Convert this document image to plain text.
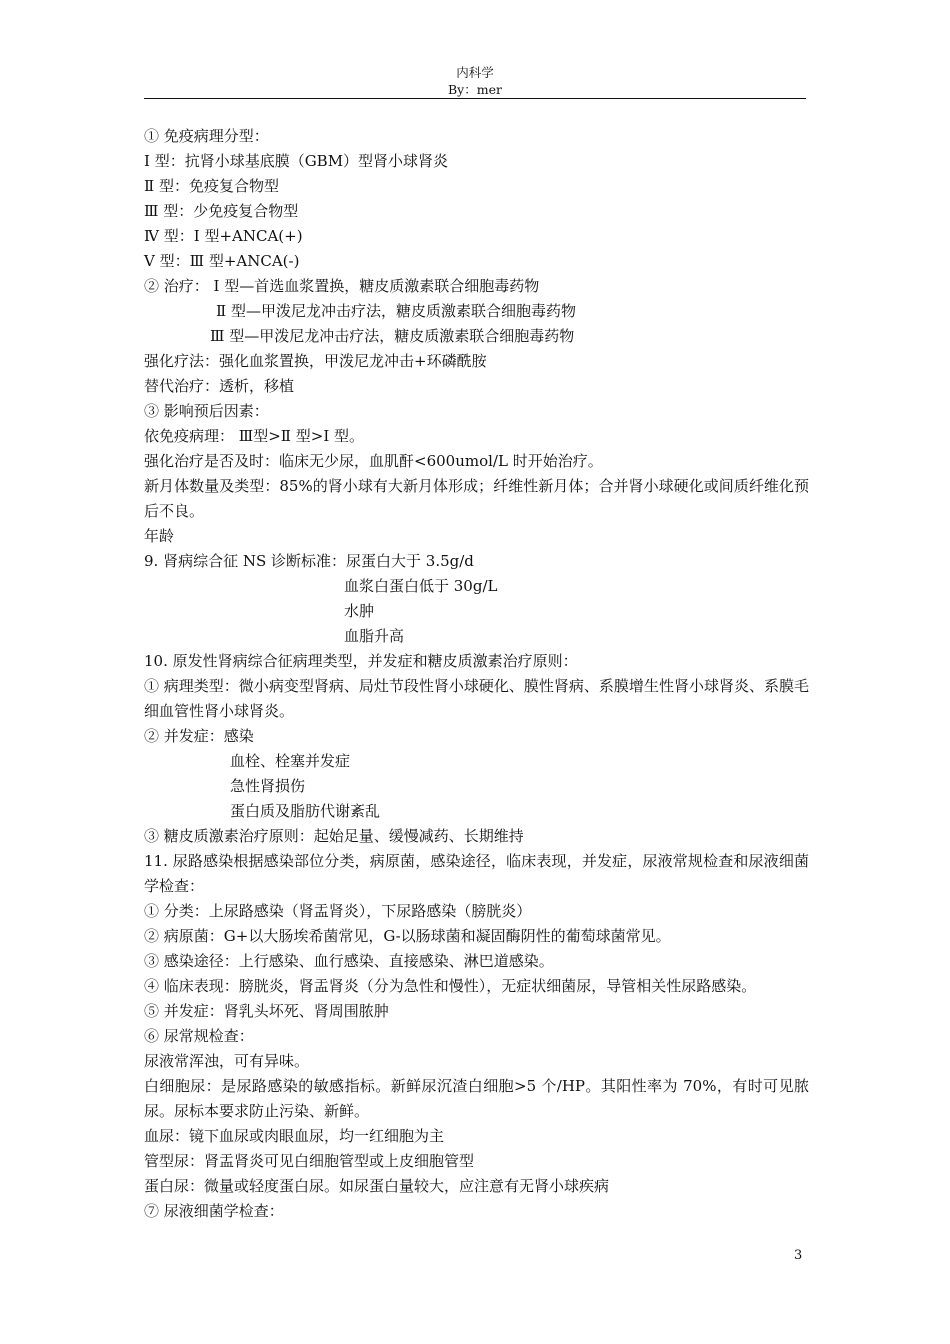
内科学
By：mer
① 免疫病理分型：
Ⅰ 型：抗肾小球基底膜（GBM）型肾小球肾炎
Ⅱ 型：免疫复合物型
Ⅲ 型：少免疫复合物型
Ⅳ 型：Ⅰ 型+ANCA(+)
Ⅴ 型：Ⅲ 型+ANCA(-)
② 治疗： Ⅰ 型—首选血浆置换，糖皮质激素联合细胞毒药物
Ⅱ 型—甲泼尼龙冲击疗法，糖皮质激素联合细胞毒药物
Ⅲ 型—甲泼尼龙冲击疗法，糖皮质激素联合细胞毒药物
强化疗法：强化血浆置换，甲泼尼龙冲击+环磷酰胺
替代治疗：透析，移植
③ 影响预后因素：
依免疫病理： Ⅲ型>Ⅱ 型>Ⅰ 型。
强化治疗是否及时：临床无少尿，血肌酐<600umol/L 时开始治疗。
新月体数量及类型：85%的肾小球有大新月体形成；纤维性新月体；合并肾小球硬化或间质纤维化预后不良。
年龄
9. 肾病综合征 NS 诊断标准：尿蛋白大于 3.5g/d
血浆白蛋白低于 30g/L
水肿
血脂升高
10. 原发性肾病综合征病理类型，并发症和糖皮质激素治疗原则：
① 病理类型：微小病变型肾病、局灶节段性肾小球硬化、膜性肾病、系膜增生性肾小球肾炎、系膜毛细血管性肾小球肾炎。
② 并发症：感染
血栓、栓塞并发症
急性肾损伤
蛋白质及脂肪代谢紊乱
③ 糖皮质激素治疗原则：起始足量、缓慢减药、长期维持
11. 尿路感染根据感染部位分类，病原菌，感染途径，临床表现，并发症，尿液常规检查和尿液细菌学检查：
① 分类：上尿路感染（肾盂肾炎），下尿路感染（膀胱炎）
② 病原菌：G+以大肠埃希菌常见，G-以肠球菌和凝固酶阴性的葡萄球菌常见。
③ 感染途径：上行感染、血行感染、直接感染、淋巴道感染。
④ 临床表现：膀胱炎，肾盂肾炎（分为急性和慢性），无症状细菌尿，导管相关性尿路感染。
⑤ 并发症：肾乳头坏死、肾周围脓肿
⑥ 尿常规检查：
尿液常浑浊，可有异味。
白细胞尿：是尿路感染的敏感指标。新鲜尿沉渣白细胞>5 个/HP。其阳性率为 70%，有时可见脓尿。尿标本要求防止污染、新鲜。
血尿：镜下血尿或肉眼血尿，均一红细胞为主
管型尿：肾盂肾炎可见白细胞管型或上皮细胞管型
蛋白尿：微量或轻度蛋白尿。如尿蛋白量较大，应注意有无肾小球疾病
⑦ 尿液细菌学检查：
3
